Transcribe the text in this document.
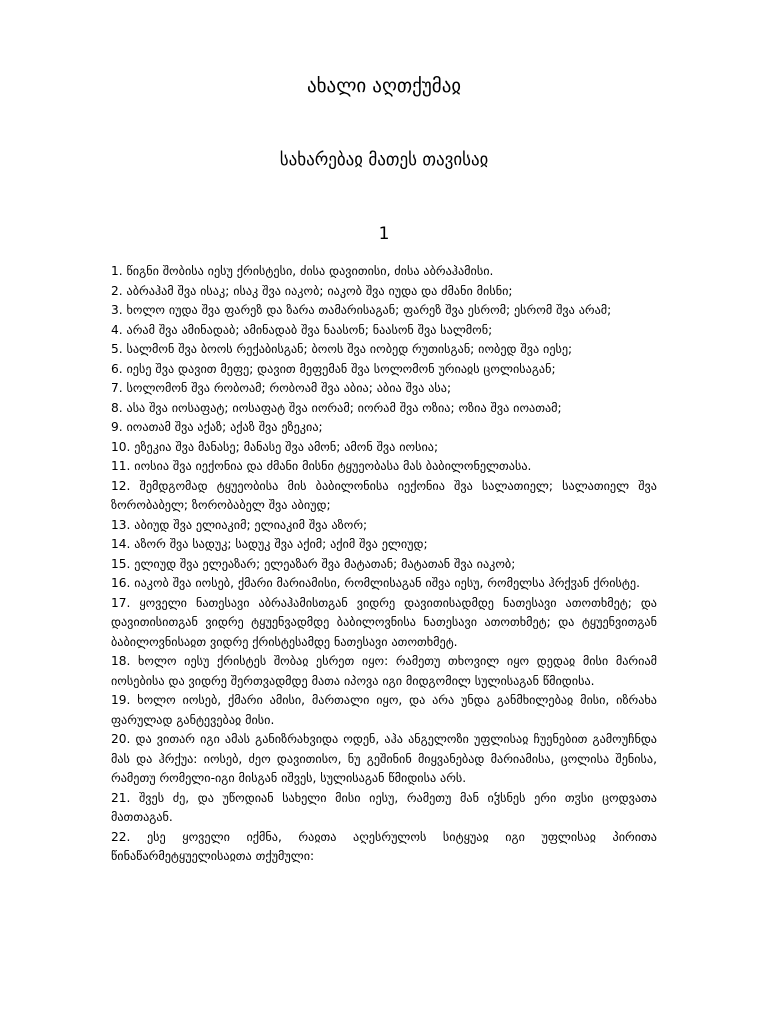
ახალი აღთქუმაჲ
სახარებაჲ მათეს თავისაჲ
1
1. წიგნი შობისა იესუ ქრისტესი, ძისა დავითისი, ძისა აბრაჰამისი.
2. აბრაჰამ შვა ისაკ; ისაკ შვა იაკობ; იაკობ შვა იუდა და ძმანი მისნი;
3. ხოლო იუდა შვა ფარეზ და ზარა თამარისაგან; ფარეზ შვა ესრომ; ესრომ შვა არამ;
4. არამ შვა ამინადაბ; ამინადაბ შვა ნაასონ; ნაასონ შვა სალმონ;
5. სალმონ შვა ბოოს რექაბისგან; ბოოს შვა იობედ რუთისგან; იობედ შვა იესე;
6. იესე შვა დავით მეფე; დავით მეფემან შვა სოლომონ ურიაჲს ცოლისაგან;
7. სოლომონ შვა რობოამ; რობოამ შვა აბია; აბია შვა ასა;
8. ასა შვა იოსაფატ; იოსაფატ შვა იორამ; იორამ შვა ოზია; ოზია შვა იოათამ;
9. იოათამ შვა აქაზ; აქაზ შვა ეზეკია;
10. ეზეკია შვა მანასე; მანასე შვა ამონ; ამონ შვა იოსია;
11. იოსია შვა იექონია და ძმანი მისნი ტყუეობასა მას ბაბილონელთასა.
12. შემდგომად ტყუეობისა მის ბაბილონისა იექონია შვა სალათიელ; სალათიელ შვა ზორობაბელ; ზორობაბელ შვა აბიუდ;
13. აბიუდ შვა ელიაკიმ; ელიაკიმ შვა აზორ;
14. აზორ შვა სადუკ; სადუკ შვა აქიმ; აქიმ შვა ელიუდ;
15. ელიუდ შვა ელეაზარ; ელეაზარ შვა მატათან; მატათან შვა იაკობ;
16. იაკობ შვა იოსებ, ქმარი მარიამისი, რომლისაგან იშვა იესუ, რომელსა ჰრქჳან ქრისტე.
17. ყოველი ნათესავი აბრაჰამისთგან ვიდრე დავითისადმდე ნათესავი ათოთხმეტ; და დავითისითგან ვიდრე ტყუენვადმდე ბაბილოვნისა ნათესავი ათოთხმეტ; და ტყუენვითგან ბაბილოვნისაჲთ ვიდრე ქრისტესამდე ნათესავი ათოთხმეტ.
18. ხოლო იესუ ქრისტეს შობაჲ ესრეთ იყო: რამეთუ თხოვილ იყო დედაჲ მისი მარიამ იოსებისა და ვიდრე შერთვადმდე მათა იპოვა იგი მიდგომილ სულისაგან წმიდისა.
19. ხოლო იოსებ, ქმარი ამისი, მართალი იყო, და არა უნდა განმხილებაჲ მისი, იზრახა ფარულად განტევებაჲ მისი.
20. და ვითარ იგი ამას განიზრახვიდა ოდენ, აჰა ანგელოზი უფლისაჲ ჩუენებით გამოუჩნდა მას და ჰრქუა: იოსებ, ძეო დავითისო, ნუ გეშინინ მიყვანებად მარიამისა, ცოლისა შენისა, რამეთუ რომელი-იგი მისგან იშვეს, სულისაგან წმიდისა არს.
21. შვეს ძე, და უწოდიან სახელი მისი იესუ, რამეთუ მან იჴსნეს ერი თჳსი ცოდვათა მათთაგან.
22. ესე ყოველი იქმნა, რაჲთა აღესრულოს სიტყუაჲ იგი უფლისაჲ პირითა წინაწარმეტყუელისაჲთა თქუმული:
